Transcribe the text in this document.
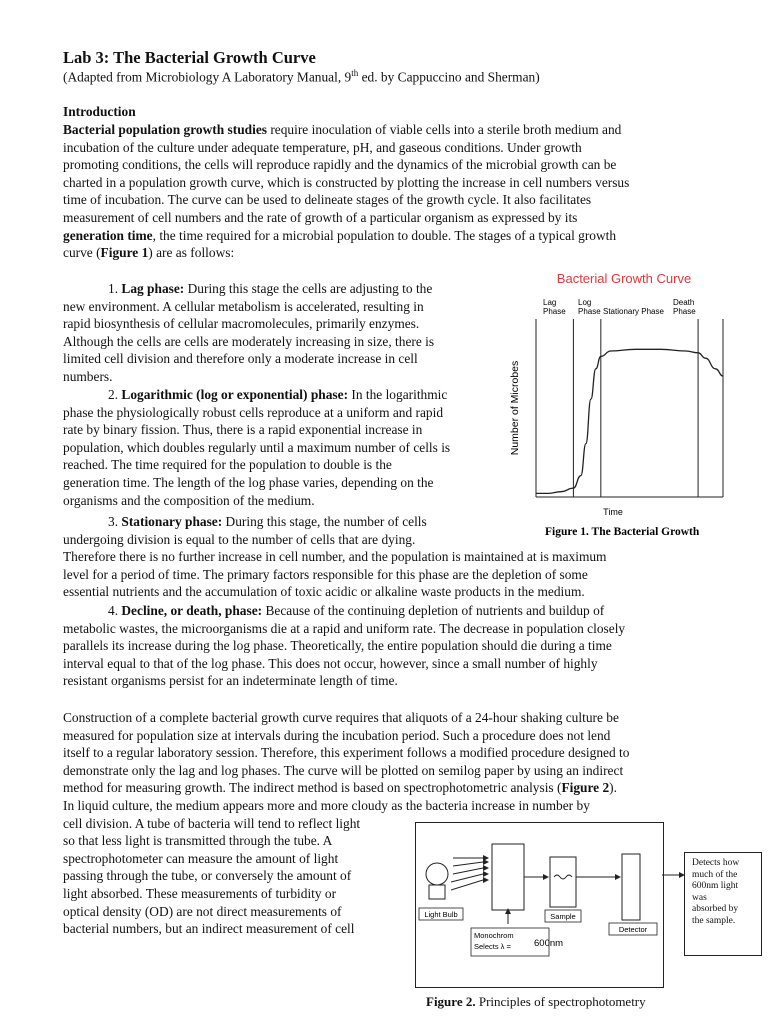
Lab 3: The Bacterial Growth Curve
(Adapted from Microbiology A Laboratory Manual, 9th ed. by Cappuccino and Sherman)
Introduction
Bacterial population growth studies require inoculation of viable cells into a sterile broth medium and
incubation of the culture under adequate temperature, pH, and gaseous conditions. Under growth
promoting conditions, the cells will reproduce rapidly and the dynamics of the microbial growth can be
charted in a population growth curve, which is constructed by plotting the increase in cell numbers versus
time of incubation. The curve can be used to delineate stages of the growth cycle. It also facilitates
measurement of cell numbers and the rate of growth of a particular organism as expressed by its
generation time, the time required for a microbial population to double. The stages of a typical growth
curve (Figure 1) are as follows:
1. Lag phase: During this stage the cells are adjusting to the
new environment. A cellular metabolism is accelerated, resulting in
rapid biosynthesis of cellular macromolecules, primarily enzymes.
Although the cells are cells are moderately increasing in size, there is
limited cell division and therefore only a moderate increase in cell
numbers.
2. Logarithmic (log or exponential) phase: In the logarithmic
phase the physiologically robust cells reproduce at a uniform and rapid
rate by binary fission. Thus, there is a rapid exponential increase in
population, which doubles regularly until a maximum number of cells is
reached. The time required for the population to double is the
generation time. The length of the log phase varies, depending on the
organisms and the composition of the medium.
3. Stationary phase: During this stage, the number of cells
undergoing division is equal to the number of cells that are dying.
Therefore there is no further increase in cell number, and the population is maintained at is maximum
level for a period of time. The primary factors responsible for this phase are the depletion of some
essential nutrients and the accumulation of toxic acidic or alkaline waste products in the medium.
4. Decline, or death, phase: Because of the continuing depletion of nutrients and buildup of
metabolic wastes, the microorganisms die at a rapid and uniform rate. The decrease in population closely
parallels its increase during the log phase. Theoretically, the entire population should die during a time
interval equal to that of the log phase. This does not occur, however, since a small number of highly
resistant organisms persist for an indeterminate length of time.
Construction of a complete bacterial growth curve requires that aliquots of a 24-hour shaking culture be
measured for population size at intervals during the incubation period. Such a procedure does not lend
itself to a regular laboratory session. Therefore, this experiment follows a modified procedure designed to
demonstrate only the lag and log phases. The curve will be plotted on semilog paper by using an indirect
method for measuring growth. The indirect method is based on spectrophotometric analysis (Figure 2).
In liquid culture, the medium appears more and more cloudy as the bacteria increase in number by
cell division. A tube of bacteria will tend to reflect light
so that less light is transmitted through the tube. A
spectrophotometer can measure the amount of light
passing through the tube, or conversely the amount of
light absorbed. These measurements of turbidity or
optical density (OD) are not direct measurements of
bacterial numbers, but an indirect measurement of cell
Bacterial Growth Curve
Lag
Phase
Log
Phase Stationary Phase
Death
Phase
Number of Microbes
Time
Figure 1. The Bacterial Growth
Light Bulb
Monochrom
Selects λ = 600nm
Sample
Detector
Detects how
much of the
600nm light
was
absorbed by
the sample.
Figure 2. Principles of spectrophotometry
